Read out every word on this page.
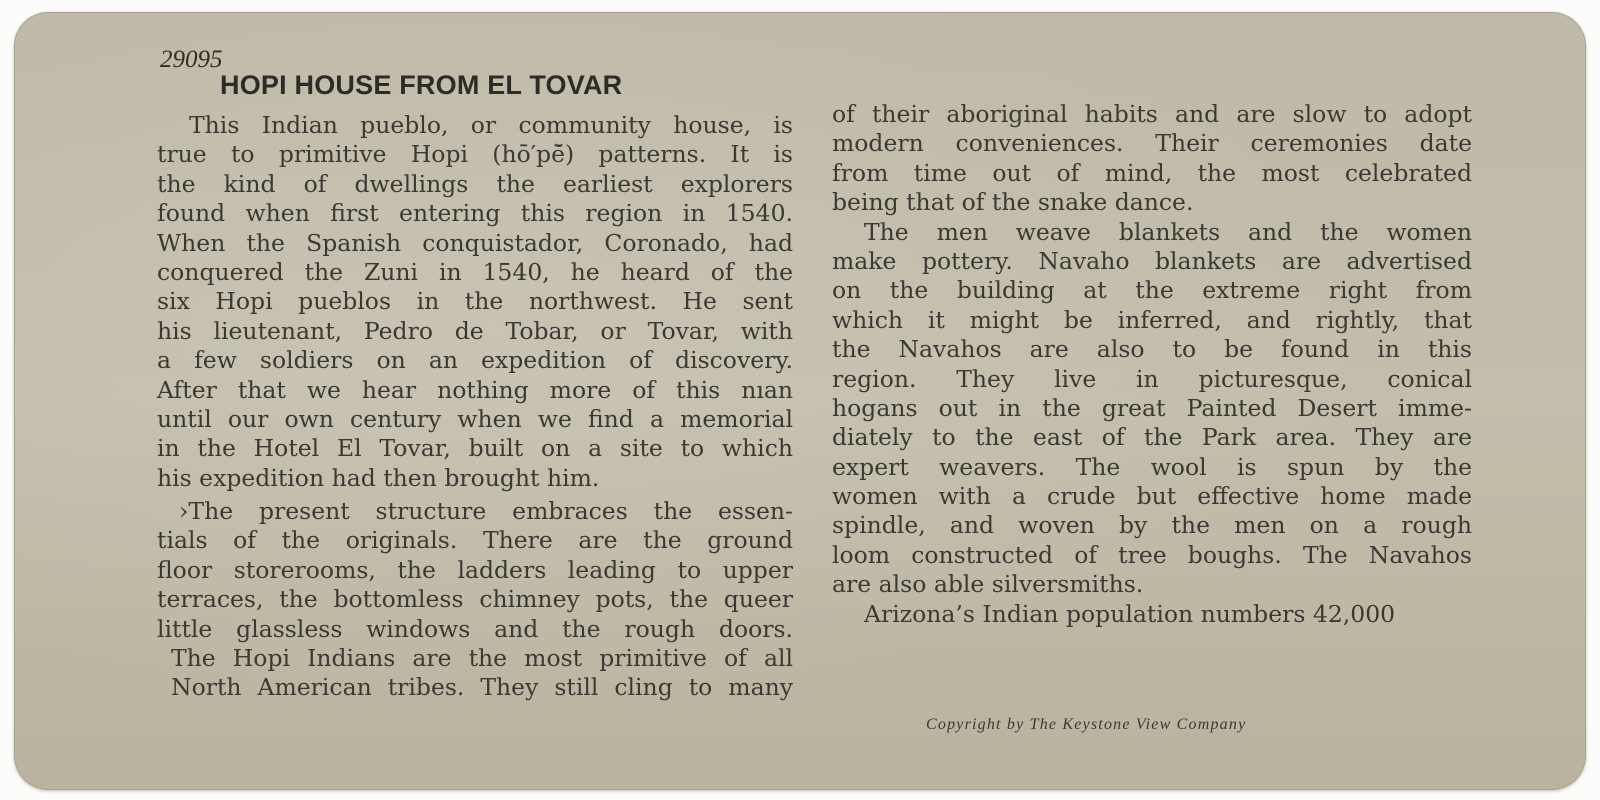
29095
HOPI HOUSE FROM EL TOVAR
This Indian pueblo, or community house, is
true to primitive Hopi (hō′pē̆) patterns. It is
the kind of dwellings the earliest explorers
found when first entering this region in 1540.
When the Spanish conquistador, Coronado, had
conquered the Zuni in 1540, he heard of the
six Hopi pueblos in the northwest. He sent
his lieutenant, Pedro de Tobar, or Tovar, with
a few soldiers on an expedition of discovery.
After that we hear nothing more of this nıan
until our own century when we find a memorial
in the Hotel El Tovar, built on a site to which
his expedition had then brought him.
›The present structure embraces the essen-
tials of the originals. There are the ground
floor storerooms, the ladders leading to upper
terraces, the bottomless chimney pots, the queer
little glassless windows and the rough doors.
The Hopi Indians are the most primitive of all
North American tribes. They still cling to many
of their aboriginal habits and are slow to adopt
modern conveniences. Their ceremonies date
from time out of mind, the most celebrated
being that of the snake dance.
The men weave blankets and the women
make pottery. Navaho blankets are advertised
on the building at the extreme right from
which it might be inferred, and rightly, that
the Navahos are also to be found in this
region. They live in picturesque, conical
hogans out in the great Painted Desert imme-
diately to the east of the Park area. They are
expert weavers. The wool is spun by the
women with a crude but effective home made
spindle, and woven by the men on a rough
loom constructed of tree boughs. The Navahos
are also able silversmiths.
Arizona’s Indian population numbers 42,000
Copyright by The Keystone View Company
